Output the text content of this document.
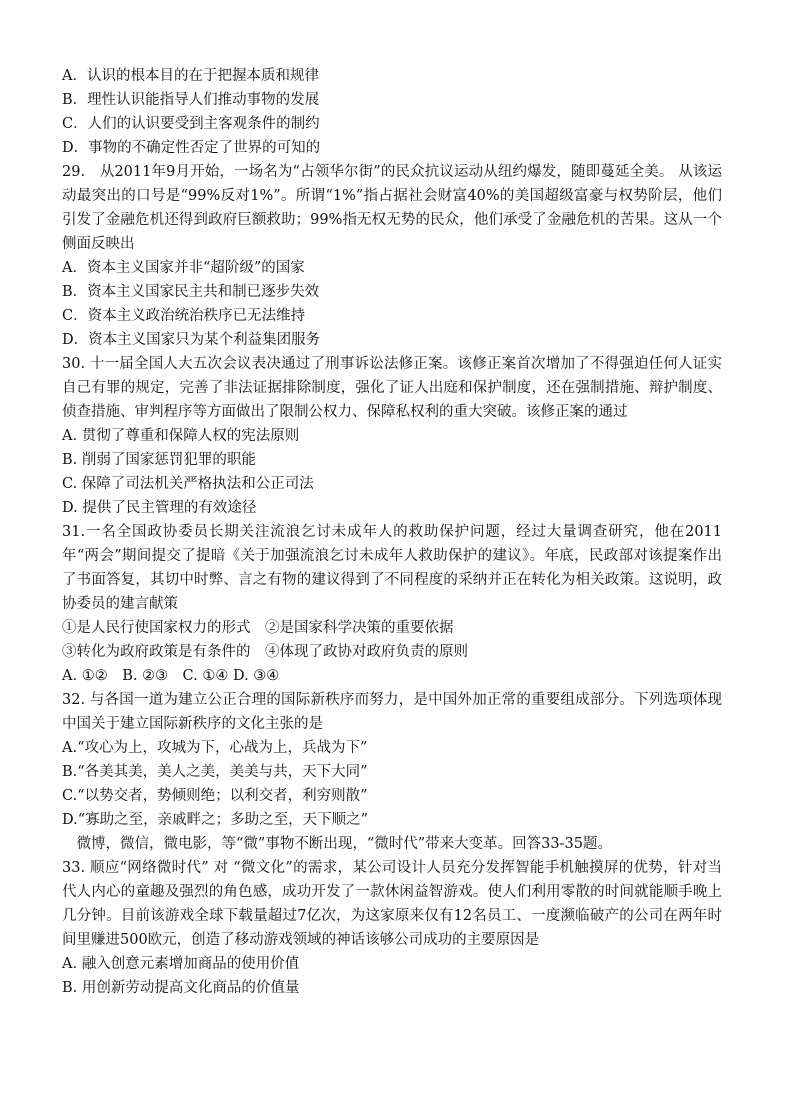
A．认识的根本目的在于把握本质和规律
B．理性认识能指导人们推动事物的发展
C．人们的认识要受到主客观条件的制约
D．事物的不确定性否定了世界的可知的
29.　从2011年9月开始，一场名为“占领华尔街”的民众抗议运动从纽约爆发，随即蔓延全美。 从该运动最突出的口号是“99%反对1%”。所谓“1%”指占据社会财富40%的美国超级富豪与权势阶层，他们引发了金融危机还得到政府巨额救助；99%指无权无势的民众，他们承受了金融危机的苦果。这从一个侧面反映出
A．资本主义国家并非“超阶级”的国家
B．资本主义国家民主共和制已逐步失效
C．资本主义政治统治秩序已无法维持
D．资本主义国家只为某个利益集团服务
30. 十一届全国人大五次会议表决通过了刑事诉讼法修正案。该修正案首次增加了不得强迫任何人证实自己有罪的规定，完善了非法证据排除制度，强化了证人出庭和保护制度，还在强制措施、辩护制度、侦查措施、审判程序等方面做出了限制公权力、保障私权利的重大突破。该修正案的通过
A. 贯彻了尊重和保障人权的宪法原则
B. 削弱了国家惩罚犯罪的职能
C. 保障了司法机关严格执法和公正司法
D. 提供了民主管理的有效途径
31.一名全国政协委员长期关注流浪乞讨未成年人的救助保护问题，经过大量调查研究，他在2011年“两会”期间提交了提暗《关于加强流浪乞讨未成年人救助保护的建议》。年底，民政部对该提案作出了书面答复，其切中时弊、言之有物的建议得到了不同程度的采纳并正在转化为相关政策。这说明，政协委员的建言献策
①是人民行使国家权力的形式　②是国家科学决策的重要依据
③转化为政府政策是有条件的　④体现了政协对政府负责的原则
A. ①②　B. ②③　C. ①④ D. ③④
32. 与各国一道为建立公正合理的国际新秩序而努力，是中国外加正常的重要组成部分。下列选项体现中国关于建立国际新秩序的文化主张的是
A.“攻心为上，攻城为下，心战为上，兵战为下”
B.“各美其美，美人之美，美美与共，天下大同”
C.“以势交者，势倾则绝；以利交者，利穷则散”
D.“寡助之至，亲戚畔之；多助之至，天下顺之”
　微博，微信，微电影，等“微”事物不断出现，“微时代”带来大变革。回答33-35题。
33. 顺应“网络微时代” 对 “微文化”的需求，某公司设计人员充分发挥智能手机触摸屏的优势，针对当代人内心的童趣及强烈的角色感，成功开发了一款休闲益智游戏。使人们利用零散的时间就能顺手晚上几分钟。目前该游戏全球下载量超过7亿次，为这家原来仅有12名员工、一度濒临破产的公司在两年时间里赚进500欧元，创造了移动游戏领域的神话该够公司成功的主要原因是
A. 融入创意元素增加商品的使用价值
B. 用创新劳动提高文化商品的价值量
